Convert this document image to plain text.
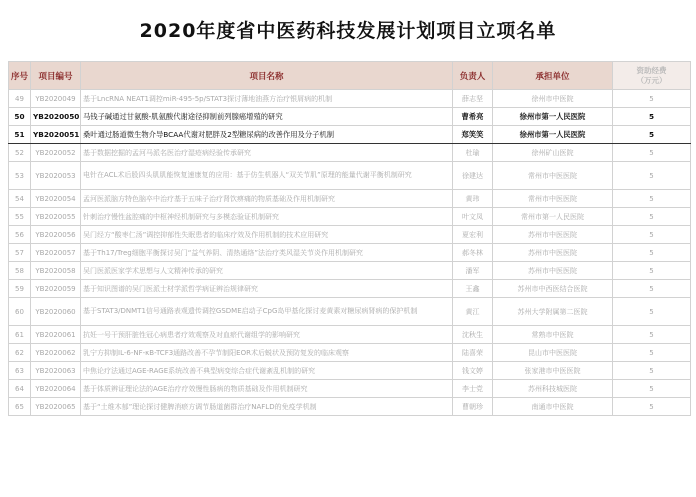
2020年度省中医药科技发展计划项目立项名单
序号	项目编号	项目名称	负责人	承担单位	资助经费
（万元）

49	YB2020049	基于LncRNA NEAT1调控miR-495-5p/STAT3探讨薄地油燕方治疗银屑病的机制	薛志坚	徐州市中医院	5
50	YB2020050	马钱子碱通过甘氨酸-肌氨酸代谢途径抑制前列腺癌增殖的研究	曹希亮	徐州市第一人民医院	5
51	YB2020051	桑叶通过肠道微生物介导BCAA代谢对肥胖及2型糖尿病的改善作用及分子机制	郑笑笑	徐州市第一人民医院	5
52	YB2020052	基于数据挖掘的孟河马派名医治疗湿疮病经验传承研究	杜瑜	徐州矿山医院	5
53	YB2020053	电针在ACL术后股四头肌肌能恢复速康复的应用：基于仿生机器人“双关节肌”原理的能量代谢平衡机制研究	徐建达	常州市中医医院	5
54	YB2020054	孟河医派脑方特色脑卒中治疗基于五味子治疗肾饮痹痛的物质基础及作用机制研究	黄玮	常州市中医医院	5
55	YB2020055	针刺治疗慢性盆腔痛的中枢神经机制研究与多模态验证机制研究	叶文凤	常州市第一人民医院	5
56	YB2020056	吴门经方“酸枣仁汤”调控抑郁性失眠患者的临床疗效及作用机制的技术应用研究	夏宏利	苏州市中医医院	5
57	YB2020057	基于Th17/Treg细胞平衡探讨吴门“益气养阴、清热通络”法治疗类风湿关节炎作用机制研究	郝冬林	苏州市中医医院	5
58	YB2020058	吴门医派医家学术思想与人文精神传承的研究	潘军	苏州市中医医院	5
59	YB2020059	基于知识图谱的吴门医派士材学派哲学病证辨治规律研究	王鑫	苏州市中西医结合医院	5
60	YB2020060	基于STAT3/DNMT1信号通路表观遗传调控GSDME启动子CpG岛甲基化探讨麦黄素对糖尿病肾病的保护机制	黄江	苏州大学附属第二医院	5
61	YB2020061	抗妊一号干预肝脏性冠心病患者疗效观察及对血瘀代谢组学的影响研究	沈秋生	常熟市中医院	5
62	YB2020062	乳宁方抑制IL-6-NF-κB-TCF3通路改善不孕节制阳EOR术后蜕状及预防复发的临床观察	陆喜荣	昆山市中医医院	5
63	YB2020063	中焦论疗法通过AGE-RAGE系统改善不典型病变综合症代谢紊乱机制的研究	钱文婷	张家港市中医医院	5
64	YB2020064	基于体质辨证理论法的AGE治疗疗效慢性肠病的物质基础及作用机制研究	李士党	苏州科技城医院	5
65	YB2020065	基于“土维木郁”理论探讨健脾消瘀方调节肠道菌群治疗NAFLD的免疫学机制	曹朝珍	南通市中医院	5
